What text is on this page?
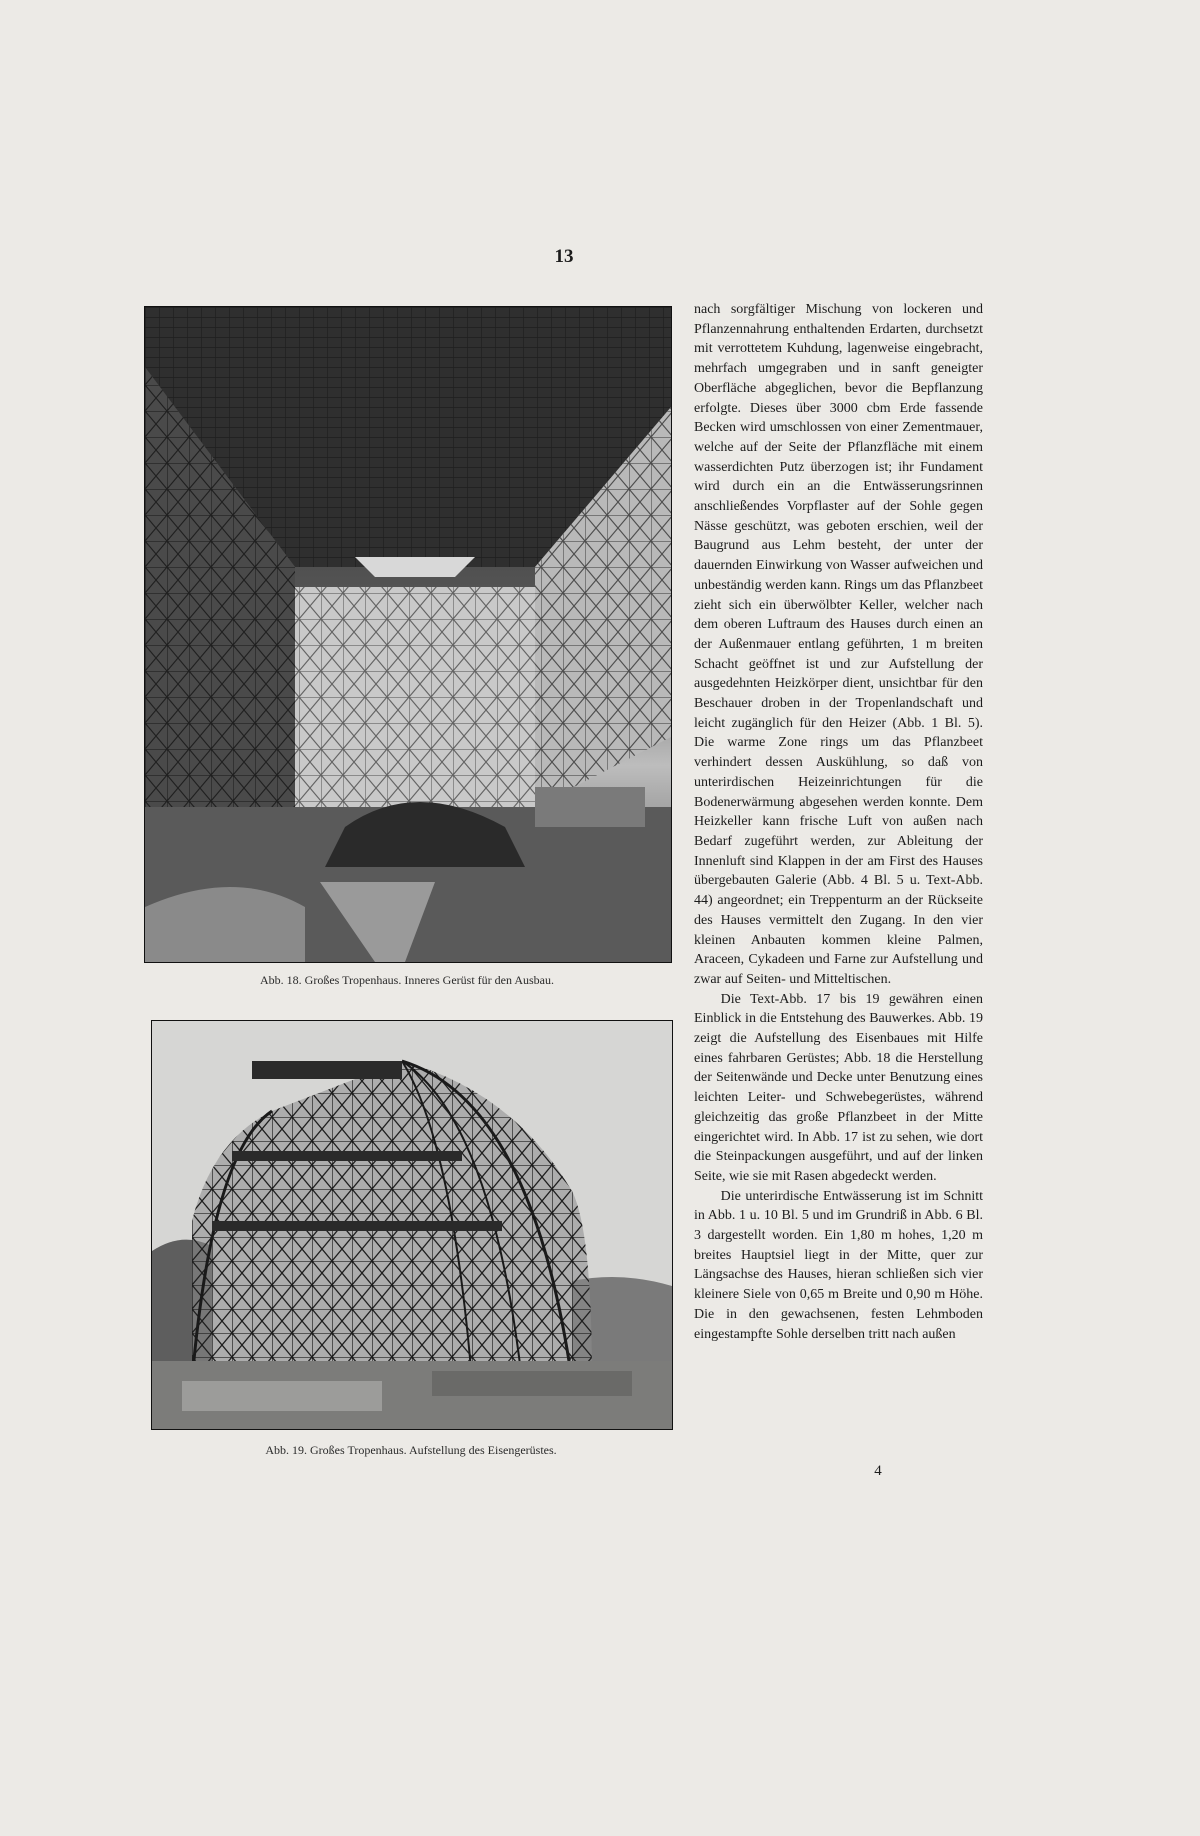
13
Abb. 18. Großes Tropenhaus. Inneres Gerüst für den Ausbau.
Abb. 19. Großes Tropenhaus. Aufstellung des Eisengerüstes.

nach sorgfältiger Mischung von lockeren und Pflanzennahrung enthaltenden Erdarten, durchsetzt mit verrottetem Kuhdung, lagenweise eingebracht, mehrfach umgegraben und in sanft geneigter Oberfläche abgeglichen, bevor die Bepflanzung erfolgte. Dieses über 3000 cbm Erde fassende Becken wird umschlossen von einer Zementmauer, welche auf der Seite der Pflanzfläche mit einem wasserdichten Putz überzogen ist; ihr Fundament wird durch ein an die Entwässerungsrinnen anschließendes Vorpflaster auf der Sohle gegen Nässe geschützt, was geboten erschien, weil der Baugrund aus Lehm besteht, der unter der dauernden Einwirkung von Wasser aufweichen und unbeständig werden kann. Rings um das Pflanzbeet zieht sich ein überwölbter Keller, welcher nach dem oberen Luftraum des Hauses durch einen an der Außenmauer entlang geführten, 1 m breiten Schacht geöffnet ist und zur Aufstellung der ausgedehnten Heizkörper dient, unsichtbar für den Beschauer droben in der Tropenlandschaft und leicht zugänglich für den Heizer (Abb. 1 Bl. 5). Die warme Zone rings um das Pflanzbeet verhindert dessen Auskühlung, so daß von unterirdischen Heizeinrichtungen für die Bodenerwärmung abgesehen werden konnte. Dem Heizkeller kann frische Luft von außen nach Bedarf zugeführt werden, zur Ableitung der Innenluft sind Klappen in der am First des Hauses übergebauten Galerie (Abb. 4 Bl. 5 u. Text-Abb. 44) angeordnet; ein Treppenturm an der Rückseite des Hauses vermittelt den Zugang. In den vier kleinen Anbauten kommen kleine Palmen, Araceen, Cykadeen und Farne zur Aufstellung und zwar auf Seiten- und Mitteltischen.

Die Text-Abb. 17 bis 19 gewähren einen Einblick in die Entstehung des Bauwerkes. Abb. 19 zeigt die Aufstellung des Eisenbaues mit Hilfe eines fahrbaren Gerüstes; Abb. 18 die Herstellung der Seitenwände und Decke unter Benutzung eines leichten Leiter- und Schwebegerüstes, während gleichzeitig das große Pflanzbeet in der Mitte eingerichtet wird. In Abb. 17 ist zu sehen, wie dort die Steinpackungen ausgeführt, und auf der linken Seite, wie sie mit Rasen abgedeckt werden.

Die unterirdische Entwässerung ist im Schnitt in Abb. 1 u. 10 Bl. 5 und im Grundriß in Abb. 6 Bl. 3 dargestellt worden. Ein 1,80 m hohes, 1,20 m breites Hauptsiel liegt in der Mitte, quer zur Längsachse des Hauses, hieran schließen sich vier kleinere Siele von 0,65 m Breite und 0,90 m Höhe. Die in den gewachsenen, festen Lehmboden eingestampfte Sohle derselben tritt nach außen

4
